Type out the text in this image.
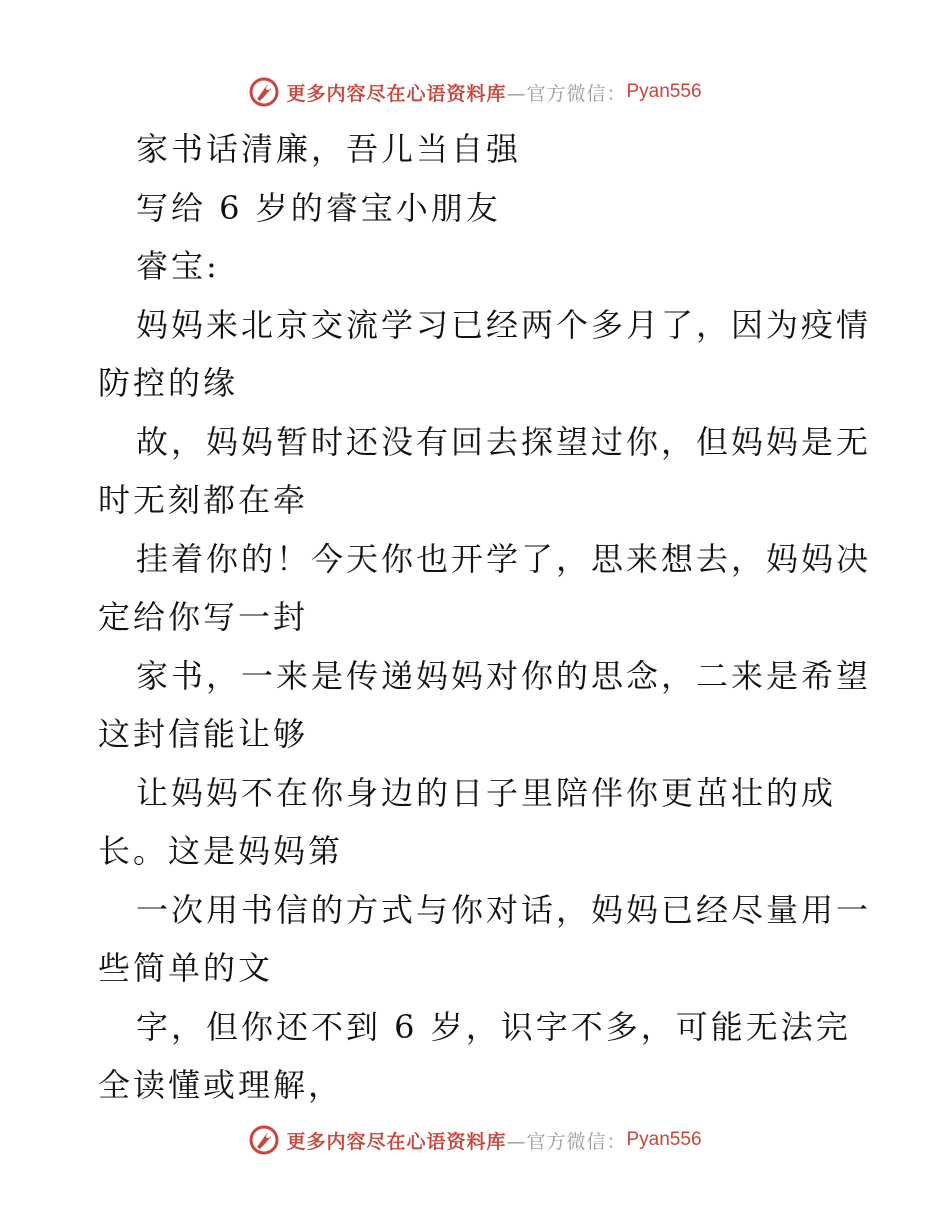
更多内容尽在心语资料库 —官方微信： Pyan556
家书话清廉，吾儿当自强
写给 6 岁的睿宝小朋友
睿宝:
妈妈来北京交流学习已经两个多月了，因为疫情
防控的缘
故，妈妈暂时还没有回去探望过你，但妈妈是无
时无刻都在牵
挂着你的！今天你也开学了，思来想去，妈妈决
定给你写一封
家书，一来是传递妈妈对你的思念，二来是希望
这封信能让够
让妈妈不在你身边的日子里陪伴你更茁壮的成
长。这是妈妈第
一次用书信的方式与你对话，妈妈已经尽量用一
些简单的文
字，但你还不到 6 岁，识字不多，可能无法完
全读懂或理解，
更多内容尽在心语资料库 —官方微信： Pyan556
